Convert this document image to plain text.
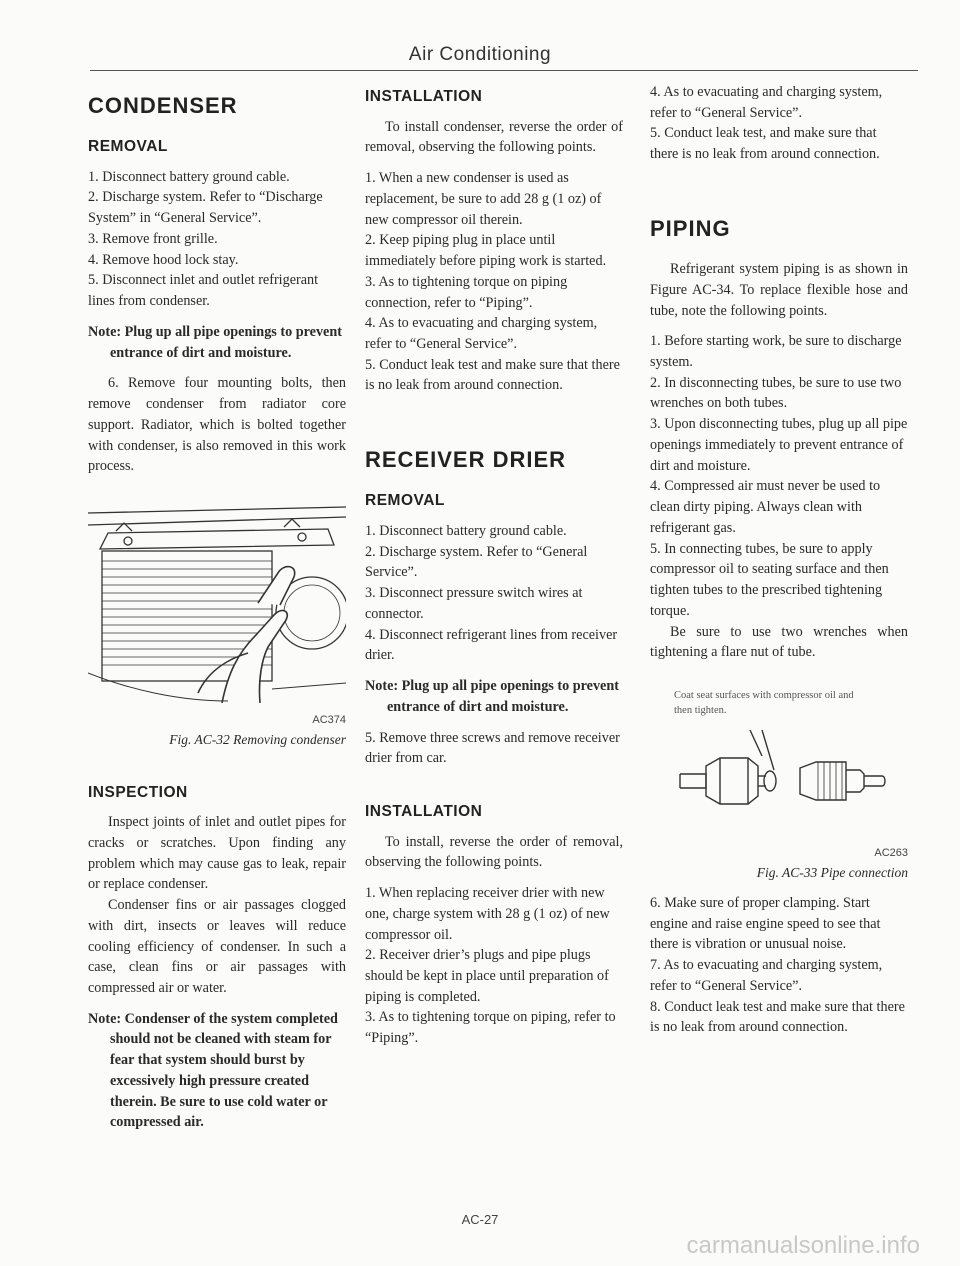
Air Conditioning
CONDENSER
REMOVAL

1. Disconnect battery ground cable.

2. Discharge system. Refer to “Discharge System” in “General Service”.

3. Remove front grille.

4. Remove hood lock stay.

5. Disconnect inlet and outlet refrigerant lines from condenser.

Note: Plug up all pipe openings to prevent entrance of dirt and moisture.

6. Remove four mounting bolts, then remove condenser from radiator core support. Radiator, which is bolted together with condenser, is also removed in this work process.

AC374
Fig. AC-32 Removing condenser
INSPECTION

Inspect joints of inlet and outlet pipes for cracks or scratches. Upon finding any problem which may cause gas to leak, repair or replace condenser.

Condenser fins or air passages clogged with dirt, insects or leaves will reduce cooling efficiency of condenser. In such a case, clean fins or air passages with compressed air or water.

Note: Condenser of the system completed should not be cleaned with steam for fear that system should burst by excessively high pressure created therein. Be sure to use cold water or compressed air.

INSTALLATION

To install condenser, reverse the order of removal, observing the following points.

1. When a new condenser is used as replacement, be sure to add 28 g (1 oz) of new compressor oil therein.

2. Keep piping plug in place until immediately before piping work is started.

3. As to tightening torque on piping connection, refer to “Piping”.

4. As to evacuating and charging system, refer to “General Service”.

5. Conduct leak test and make sure that there is no leak from around connection.

RECEIVER DRIER
REMOVAL

1. Disconnect battery ground cable.

2. Discharge system. Refer to “General Service”.

3. Disconnect pressure switch wires at connector.

4. Disconnect refrigerant lines from receiver drier.

Note: Plug up all pipe openings to prevent entrance of dirt and moisture.

5. Remove three screws and remove receiver drier from car.

INSTALLATION

To install, reverse the order of removal, observing the following points.

1. When replacing receiver drier with new one, charge system with 28 g (1 oz) of new compressor oil.

2. Receiver drier’s plugs and pipe plugs should be kept in place until preparation of piping is completed.

3. As to tightening torque on piping, refer to “Piping”.

4. As to evacuating and charging system, refer to “General Service”.

5. Conduct leak test, and make sure that there is no leak from around connection.

PIPING

Refrigerant system piping is as shown in Figure AC-34. To replace flexible hose and tube, note the following points.

1. Before starting work, be sure to discharge system.

2. In disconnecting tubes, be sure to use two wrenches on both tubes.

3. Upon disconnecting tubes, plug up all pipe openings immediately to prevent entrance of dirt and moisture.

4. Compressed air must never be used to clean dirty piping. Always clean with refrigerant gas.

5. In connecting tubes, be sure to apply compressor oil to seating surface and then tighten tubes to the prescribed tightening torque.

Be sure to use two wrenches when tightening a flare nut of tube.

Coat seat surfaces with compressor oil and then tighten.
AC263
Fig. AC-33 Pipe connection

6. Make sure of proper clamping. Start engine and raise engine speed to see that there is vibration or unusual noise.

7. As to evacuating and charging system, refer to “General Service”.

8. Conduct leak test and make sure that there is no leak from around connection.

AC-27
carmanualsonline.info
